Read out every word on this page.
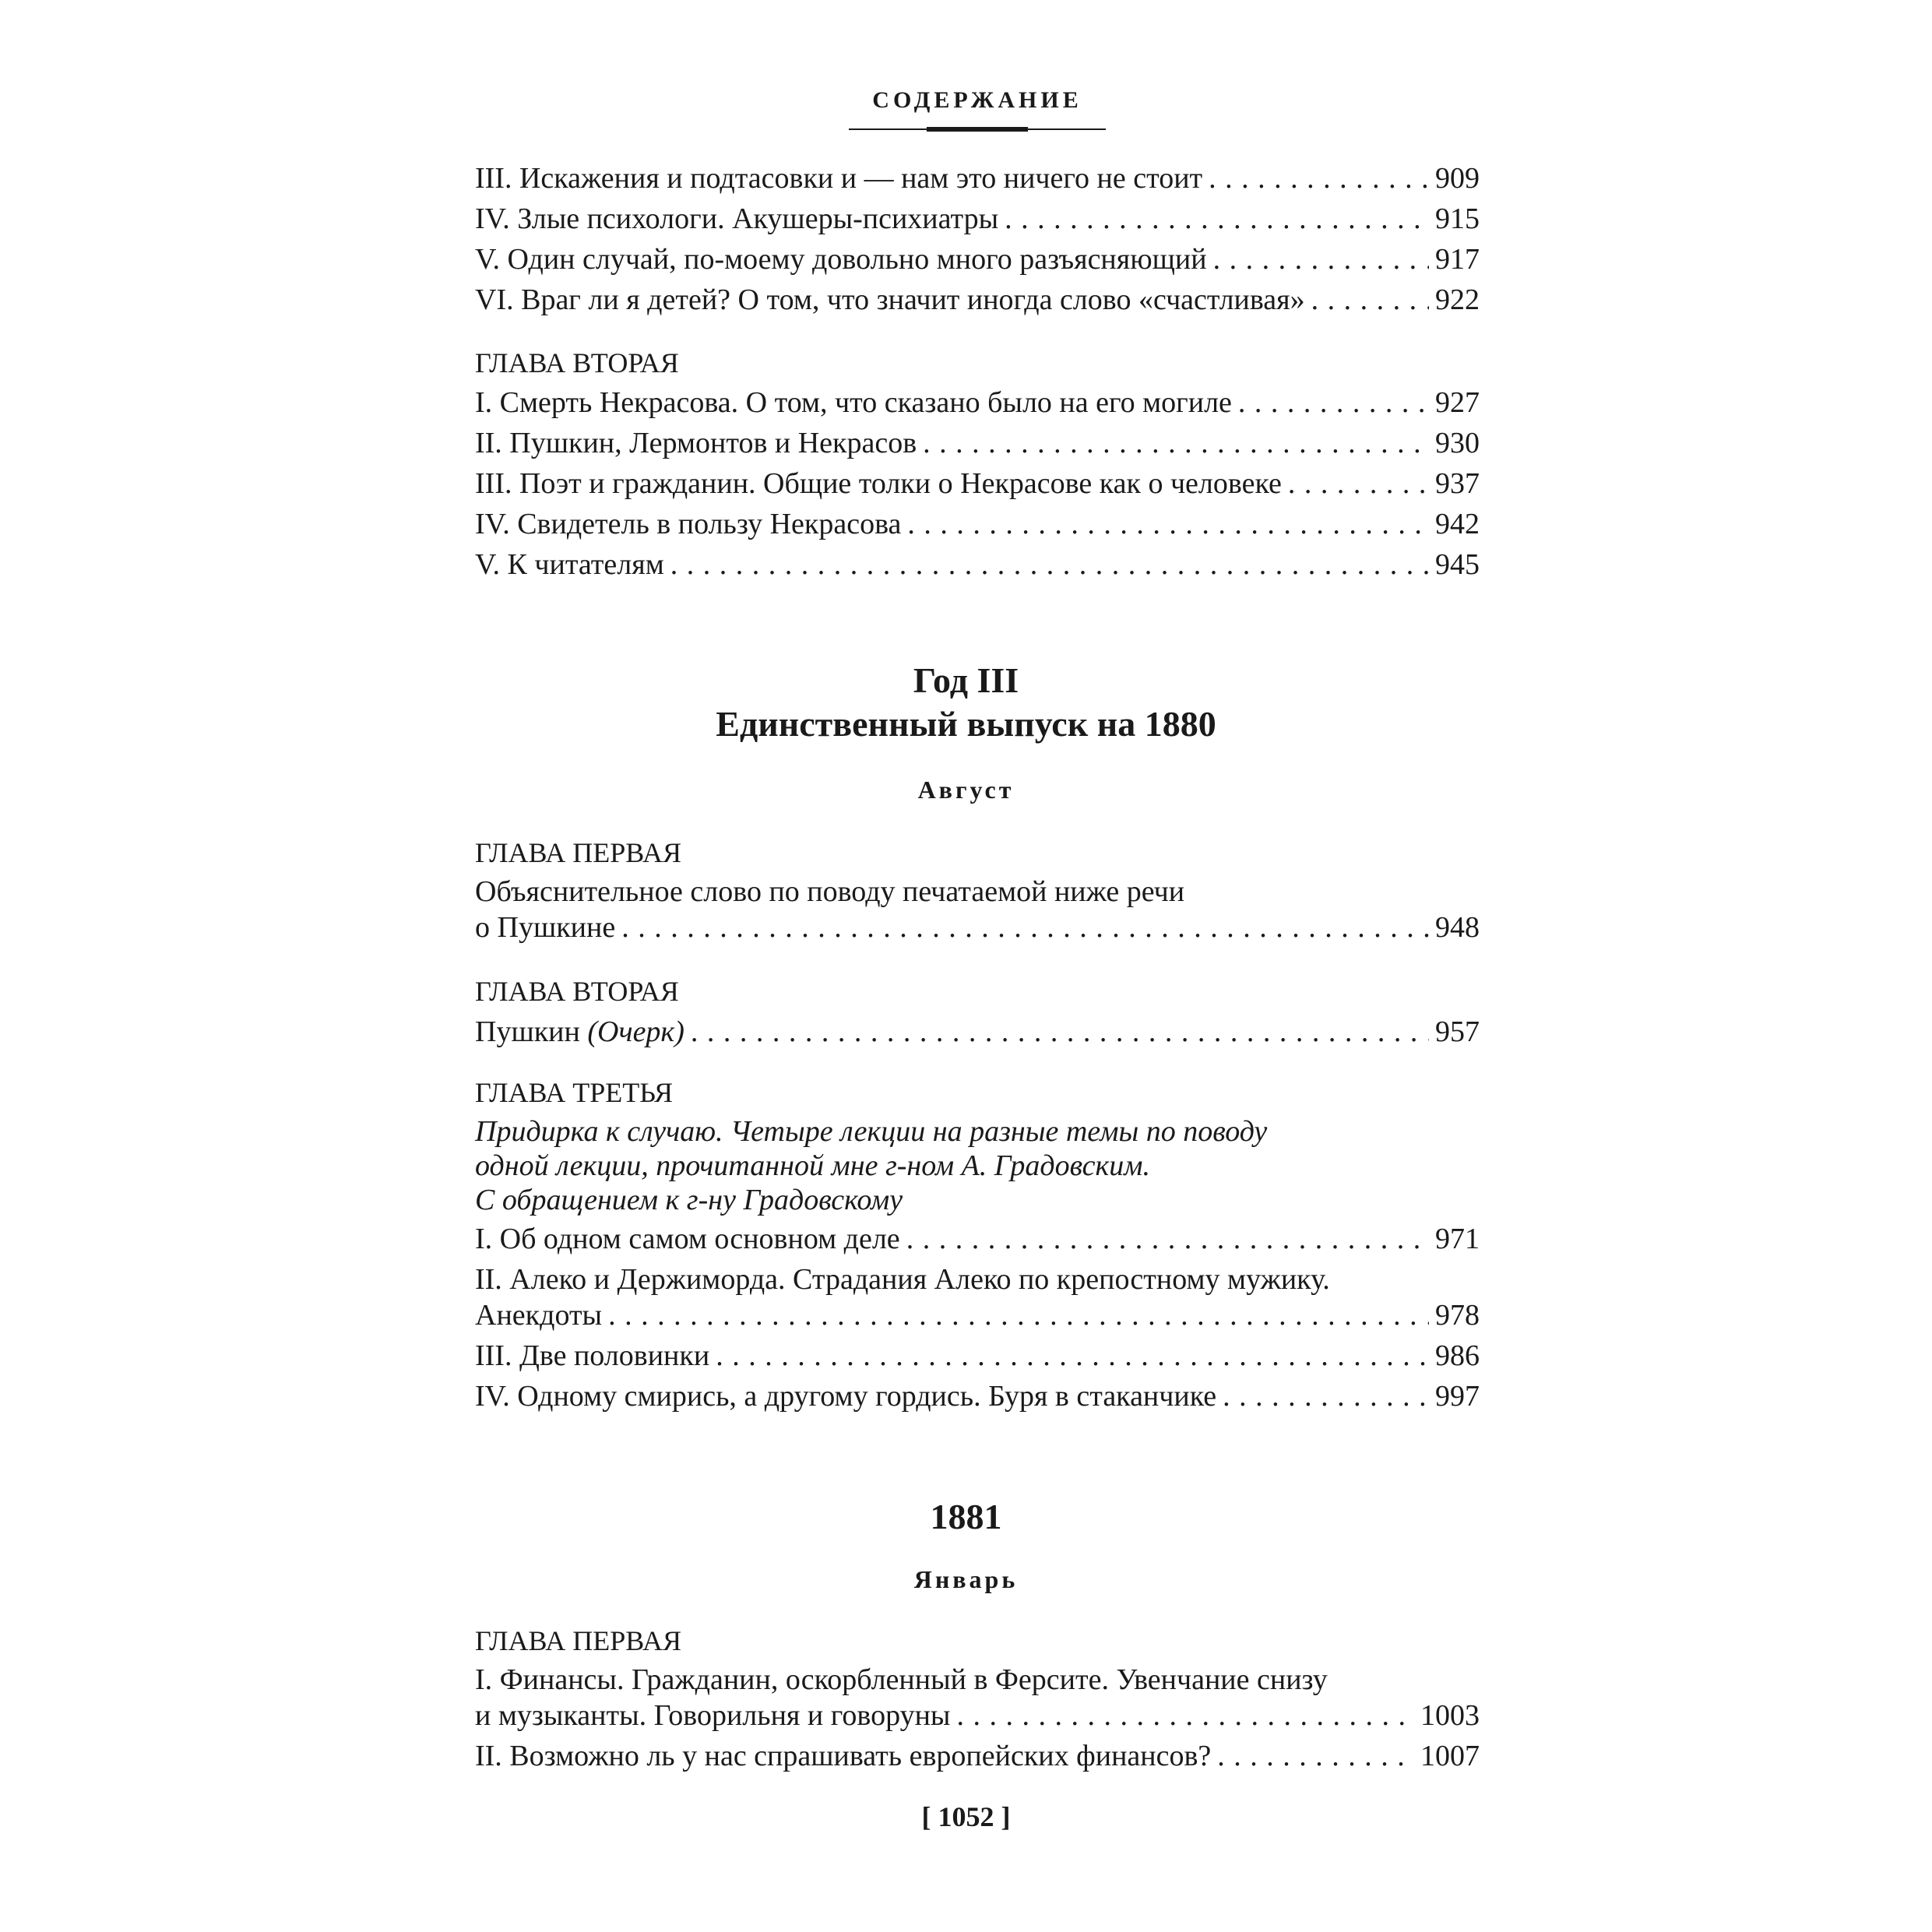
СОДЕРЖАНИЕ
III. Искажения и подтасовки и — нам это ничего не стоит . . .	909
IV. Злые психологи. Акушеры-психиатры . . .	915
V. Один случай, по-моему довольно много разъясняющий . . .	917
VI. Враг ли я детей? О том, что значит иногда слово «счастливая» . . .	922
ГЛАВА ВТОРАЯ
I. Смерть Некрасова. О том, что сказано было на его могиле . . .	927
II. Пушкин, Лермонтов и Некрасов . . .	930
III. Поэт и гражданин. Общие толки о Некрасове как о человеке . . .	937
IV. Свидетель в пользу Некрасова . . .	942
V. К читателям . . .	945
Год III
Единственный выпуск на 1880
Август
ГЛАВА ПЕРВАЯ
Объяснительное слово по поводу печатаемой ниже речи
о Пушкине . . .	948
ГЛАВА ВТОРАЯ
Пушкин (Очерк) . . .	957
ГЛАВА ТРЕТЬЯ
Придирка к случаю. Четыре лекции на разные темы по поводу
одной лекции, прочитанной мне г-ном А. Градовским.
С обращением к г-ну Градовскому
I. Об одном самом основном деле . . .	971
II. Алеко и Держиморда. Страдания Алеко по крепостному мужику.
Анекдоты . . .	978
III. Две половинки . . .	986
IV. Одному смирись, а другому гордись. Буря в стаканчике . . .	997
1881
Январь
ГЛАВА ПЕРВАЯ
I. Финансы. Гражданин, оскорбленный в Ферсите. Увенчание снизу
и музыканты. Говорильня и говоруны . . .	1003
II. Возможно ль у нас спрашивать европейских финансов? . . .	1007
[ 1052 ]
